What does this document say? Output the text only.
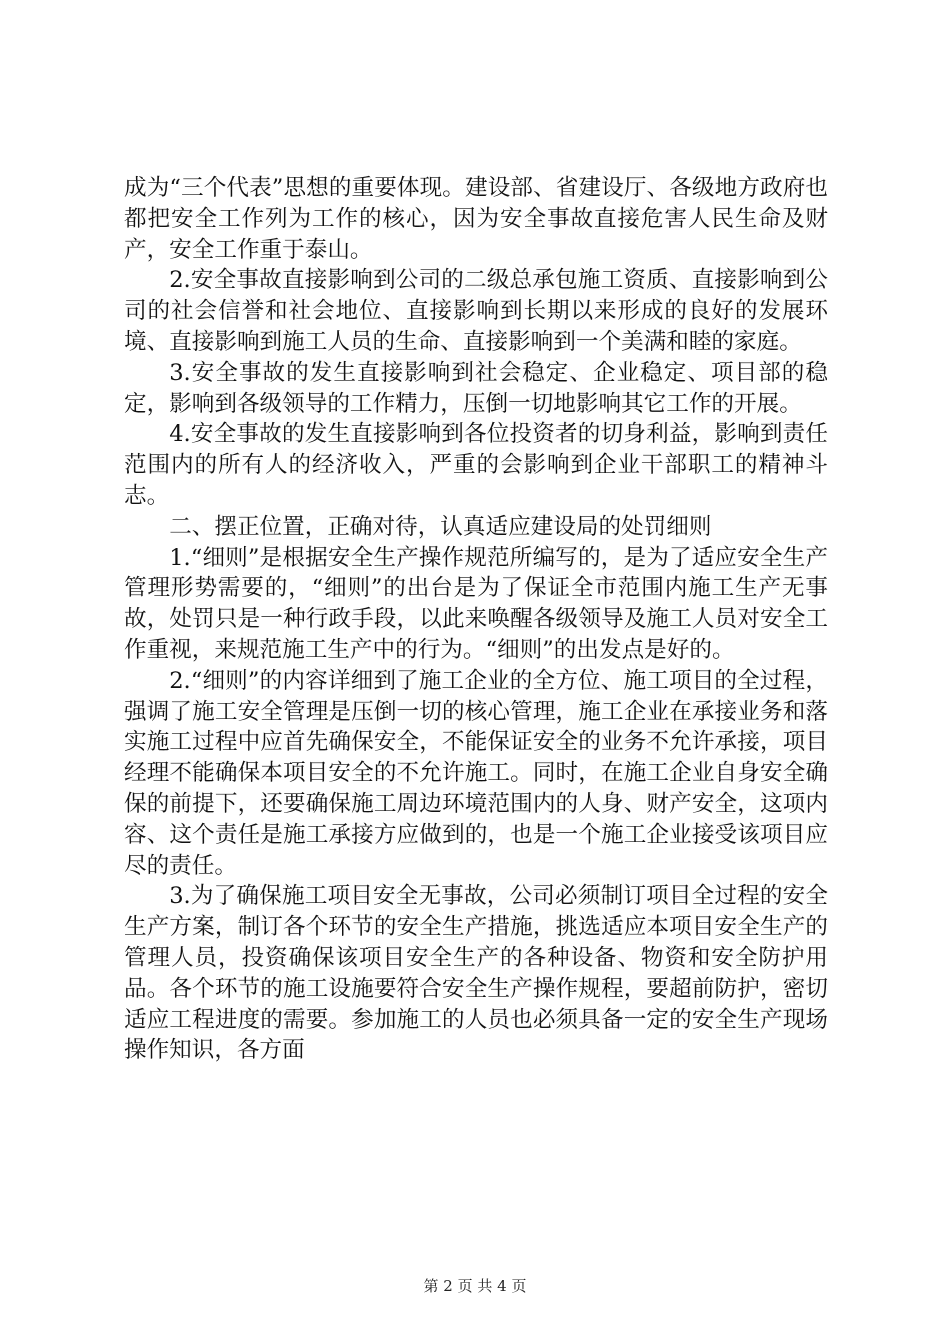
成为“三个代表”思想的重要体现。建设部、省建设厅、各级地方政府也都把安全工作列为工作的核心，因为安全事故直接危害人民生命及财产，安全工作重于泰山。

2.安全事故直接影响到公司的二级总承包施工资质、直接影响到公司的社会信誉和社会地位、直接影响到长期以来形成的良好的发展环境、直接影响到施工人员的生命、直接影响到一个美满和睦的家庭。

3.安全事故的发生直接影响到社会稳定、企业稳定、项目部的稳定，影响到各级领导的工作精力，压倒一切地影响其它工作的开展。

4.安全事故的发生直接影响到各位投资者的切身利益，影响到责任范围内的所有人的经济收入，严重的会影响到企业干部职工的精神斗志。

二、摆正位置，正确对待，认真适应建设局的处罚细则

1.“细则”是根据安全生产操作规范所编写的，是为了适应安全生产管理形势需要的，“细则”的出台是为了保证全市范围内施工生产无事故，处罚只是一种行政手段，以此来唤醒各级领导及施工人员对安全工作重视，来规范施工生产中的行为。“细则”的出发点是好的。

2.“细则”的内容详细到了施工企业的全方位、施工项目的全过程，强调了施工安全管理是压倒一切的核心管理，施工企业在承接业务和落实施工过程中应首先确保安全，不能保证安全的业务不允许承接，项目经理不能确保本项目安全的不允许施工。同时，在施工企业自身安全确保的前提下，还要确保施工周边环境范围内的人身、财产安全，这项内容、这个责任是施工承接方应做到的，也是一个施工企业接受该项目应尽的责任。

3.为了确保施工项目安全无事故，公司必须制订项目全过程的安全生产方案，制订各个环节的安全生产措施，挑选适应本项目安全生产的管理人员，投资确保该项目安全生产的各种设备、物资和安全防护用品。各个环节的施工设施要符合安全生产操作规程，要超前防护，密切适应工程进度的需要。参加施工的人员也必须具备一定的安全生产现场操作知识，各方面

第 2 页 共 4 页
